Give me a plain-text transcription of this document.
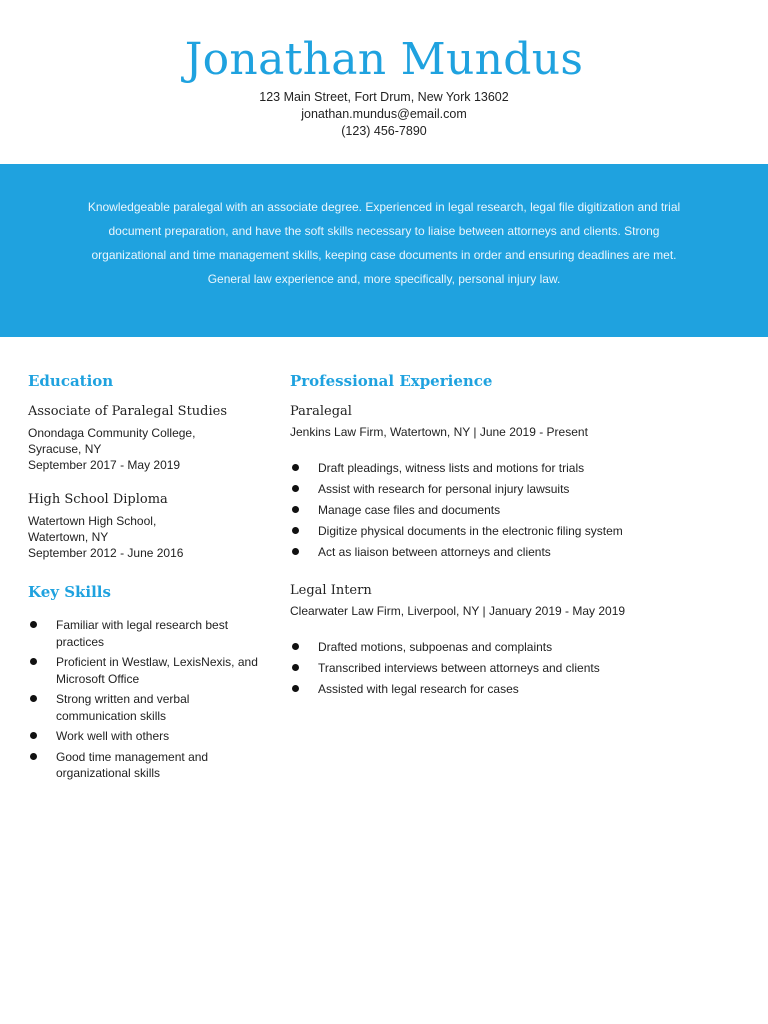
Jonathan Mundus
123 Main Street, Fort Drum, New York 13602
jonathan.mundus@email.com
(123) 456-7890
Knowledgeable paralegal with an associate degree. Experienced in legal research, legal file digitization and trial document preparation, and have the soft skills necessary to liaise between attorneys and clients. Strong organizational and time management skills, keeping case documents in order and ensuring deadlines are met. General law experience and, more specifically, personal injury law.
Education

Associate of Paralegal Studies

Onondaga Community College,

Syracuse, NY

September 2017 - May 2019

High School Diploma

Watertown High School,

Watertown, NY

September 2012 - June 2016

Key Skills
Familiar with legal research best practices
Proficient in Westlaw, LexisNexis, and Microsoft Office
Strong written and verbal communication skills
Work well with others
Good time management and organizational skills
Professional Experience

Paralegal

Jenkins Law Firm, Watertown, NY | June 2019 - Present

Draft pleadings, witness lists and motions for trials
Assist with research for personal injury lawsuits
Manage case files and documents
Digitize physical documents in the electronic filing system
Act as liaison between attorneys and clients

Legal Intern

Clearwater Law Firm, Liverpool, NY | January 2019 - May 2019

Drafted motions, subpoenas and complaints
Transcribed interviews between attorneys and clients
Assisted with legal research for cases
